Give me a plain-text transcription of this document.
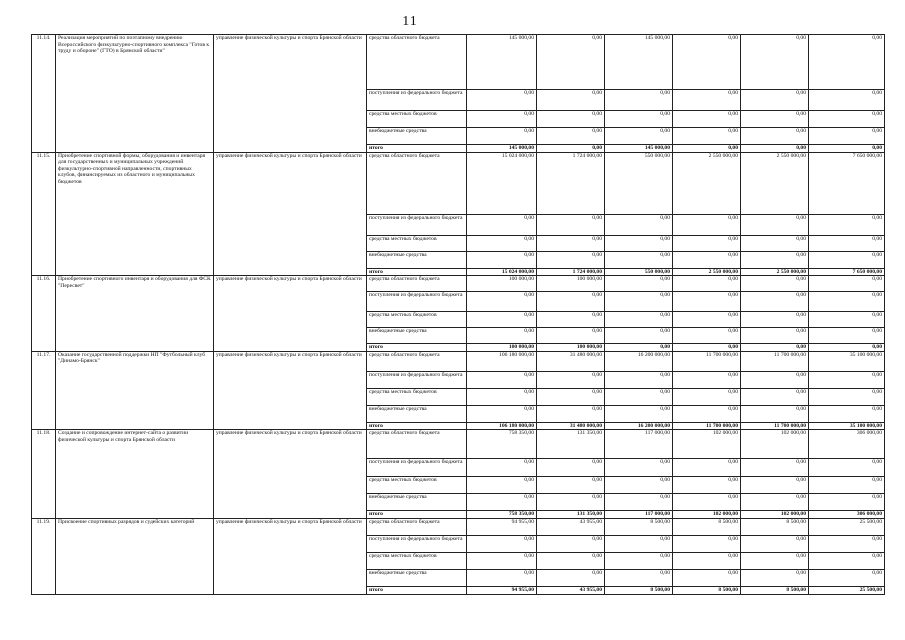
11
11.14.	Реализация мероприятий по поэтапному внедрению Всероссийского физкультурно-спортивного комплекса "Готов к труду и обороне" (ГТО) в Брянской области"	управление физической культуры и спорта Брянской области	средства областного бюджета	145 000,00	0,00	145 000,00	0,00	0,00	0,00
			поступления из федерального бюджета	0,00	0,00	0,00	0,00	0,00	0,00
			средства местных бюджетов	0,00	0,00	0,00	0,00	0,00	0,00
			внебюджетные средства	0,00	0,00	0,00	0,00	0,00	0,00
			итого	145 000,00	0,00	145 000,00	0,00	0,00	0,00
11.15.	Приобретение спортивной формы, оборудования и инвентаря для государственных и муниципальных учреждений физкультурно-спортивной направленности, спортивных клубов, финансируемых из областного и муниципальных бюджетов	управление физической культуры и спорта Брянской области	средства областного бюджета	15 024 000,00	1 724 000,00	550 000,00	2 550 000,00	2 550 000,00	7 650 000,00
			поступления из федерального бюджета	0,00	0,00	0,00	0,00	0,00	0,00
			средства местных бюджетов	0,00	0,00	0,00	0,00	0,00	0,00
			внебюджетные средства	0,00	0,00	0,00	0,00	0,00	0,00
			итого	15 024 000,00	1 724 000,00	550 000,00	2 550 000,00	2 550 000,00	7 650 000,00
11.16.	Приобретение спортивного инвентаря и оборудования для ФСК "Пересвет"	управление физической культуры и спорта Брянской области	средства областного бюджета	100 000,00	100 000,00	0,00	0,00	0,00	0,00
			поступления из федерального бюджета	0,00	0,00	0,00	0,00	0,00	0,00
			средства местных бюджетов	0,00	0,00	0,00	0,00	0,00	0,00
			внебюджетные средства	0,00	0,00	0,00	0,00	0,00	0,00
			итого	100 000,00	100 000,00	0,00	0,00	0,00	0,00
11.17.	Оказание государственной поддержки НП "Футбольный клуб "Динамо-Брянск"	управление физической культуры и спорта Брянской области	средства областного бюджета	106 180 000,00	31 480 000,00	16 200 000,00	11 700 000,00	11 700 000,00	35 100 000,00
			поступления из федерального бюджета	0,00	0,00	0,00	0,00	0,00	0,00
			средства местных бюджетов	0,00	0,00	0,00	0,00	0,00	0,00
			внебюджетные средства	0,00	0,00	0,00	0,00	0,00	0,00
			итого	106 180 000,00	31 480 000,00	16 200 000,00	11 700 000,00	11 700 000,00	35 100 000,00
11.18.	Создание и сопровождение интернет-сайта о развитии физической культуры и спорта Брянской области	управление физической культуры и спорта Брянской области	средства областного бюджета	758 350,00	131 350,00	117 000,00	102 000,00	102 000,00	306 000,00
			поступления из федерального бюджета	0,00	0,00	0,00	0,00	0,00	0,00
			средства местных бюджетов	0,00	0,00	0,00	0,00	0,00	0,00
			внебюджетные средства	0,00	0,00	0,00	0,00	0,00	0,00
			итого	758 350,00	131 350,00	117 000,00	102 000,00	102 000,00	306 000,00
11.19.	Присвоение спортивных разрядов и судейских категорий	управление физической культуры и спорта Брянской области	средства областного бюджета	94 955,00	43 955,00	8 500,00	8 500,00	8 500,00	25 500,00
			поступления из федерального бюджета	0,00	0,00	0,00	0,00	0,00	0,00
			средства местных бюджетов	0,00	0,00	0,00	0,00	0,00	0,00
			внебюджетные средства	0,00	0,00	0,00	0,00	0,00	0,00
			итого	94 955,00	43 955,00	8 500,00	8 500,00	8 500,00	25 500,00
